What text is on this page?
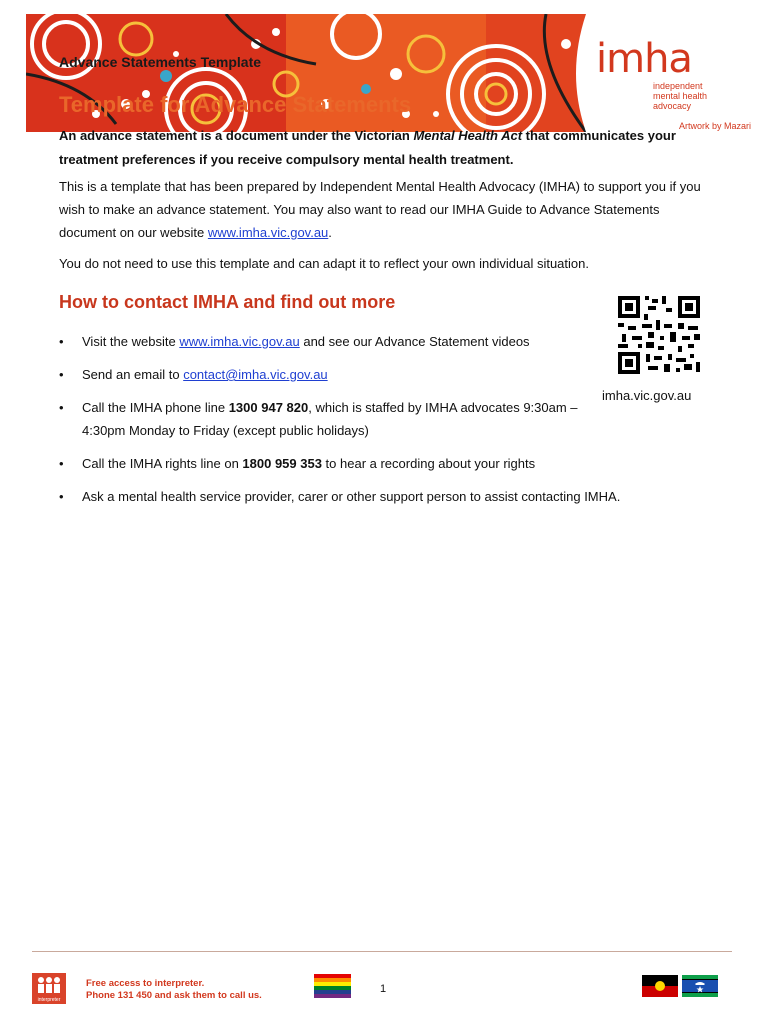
Advance Statements Template
Template for Advance Statements
Artwork by Mazari
imha
independent
mental health
advocacy
An advance statement is a document under the Victorian Mental Health Act that communicates your treatment preferences if you receive compulsory mental health treatment.
This is a template that has been prepared by Independent Mental Health Advocacy (IMHA) to support you if you wish to make an advance statement. You may also want to read our IMHA Guide to Advance Statements document on our website www.imha.vic.gov.au.
You do not need to use this template and can adapt it to reflect your own individual situation.
How to contact IMHA and find out more
imha.vic.gov.au
• Visit the website www.imha.vic.gov.au and see our Advance Statement videos
• Send an email to contact@imha.vic.gov.au
• Call the IMHA phone line 1300 947 820, which is staffed by IMHA advocates 9:30am – 4:30pm Monday to Friday (except public holidays)
• Call the IMHA rights line on 1800 959 353 to hear a recording about your rights
• Ask a mental health service provider, carer or other support person to assist contacting IMHA.
interpreter
Free access to interpreter.
Phone 131 450 and ask them to call us.
1
